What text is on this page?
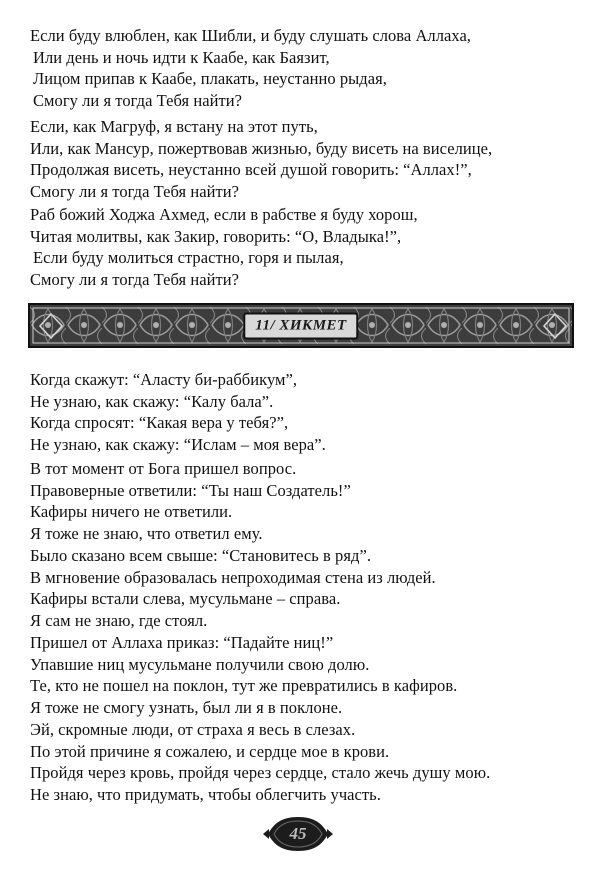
Если буду влюблен, как Шибли, и буду слушать слова Аллаха,
Или день и ночь идти к Каабе, как Баязит,
Лицом припав к Каабе, плакать, неустанно рыдая,
Смогу ли я тогда Тебя найти?
Если, как Магруф, я встану на этот путь,
Или, как Мансур, пожертвовав жизнью, буду висеть на виселице,
Продолжая висеть, неустанно всей душой говорить: “Аллах!”,
Смогу ли я тогда Тебя найти?
Раб божий Ходжа Ахмед, если в рабстве я буду хорош,
Читая молитвы, как Закир, говорить: “О, Владыка!”,
Если буду молиться страстно, горя и пылая,
Смогу ли я тогда Тебя найти?
11/ ХИКМЕТ
Когда скажут: “Аласту би-раббикум”,
Не узнаю, как скажу: “Калу бала”.
Когда спросят: “Какая вера у тебя?”,
Не узнаю, как скажу: “Ислам – моя вера”.
В тот момент от Бога пришел вопрос.
Правоверные ответили: “Ты наш Создатель!”
Кафиры ничего не ответили.
Я тоже не знаю, что ответил ему.
Было сказано всем свыше: “Становитесь в ряд”.
В мгновение образовалась непроходимая стена из людей.
Кафиры встали слева, мусульмане – справа.
Я сам не знаю, где стоял.
Пришел от Аллаха приказ: “Падайте ниц!”
Упавшие ниц мусульмане получили свою долю.
Те, кто не пошел на поклон, тут же превратились в кафиров.
Я тоже не смогу узнать, был ли я в поклоне.
Эй, скромные люди, от страха я весь в слезах.
По этой причине я сожалею, и сердце мое в крови.
Пройдя через кровь, пройдя через сердце, стало жечь душу мою.
Не знаю, что придумать, чтобы облегчить участь.
45
